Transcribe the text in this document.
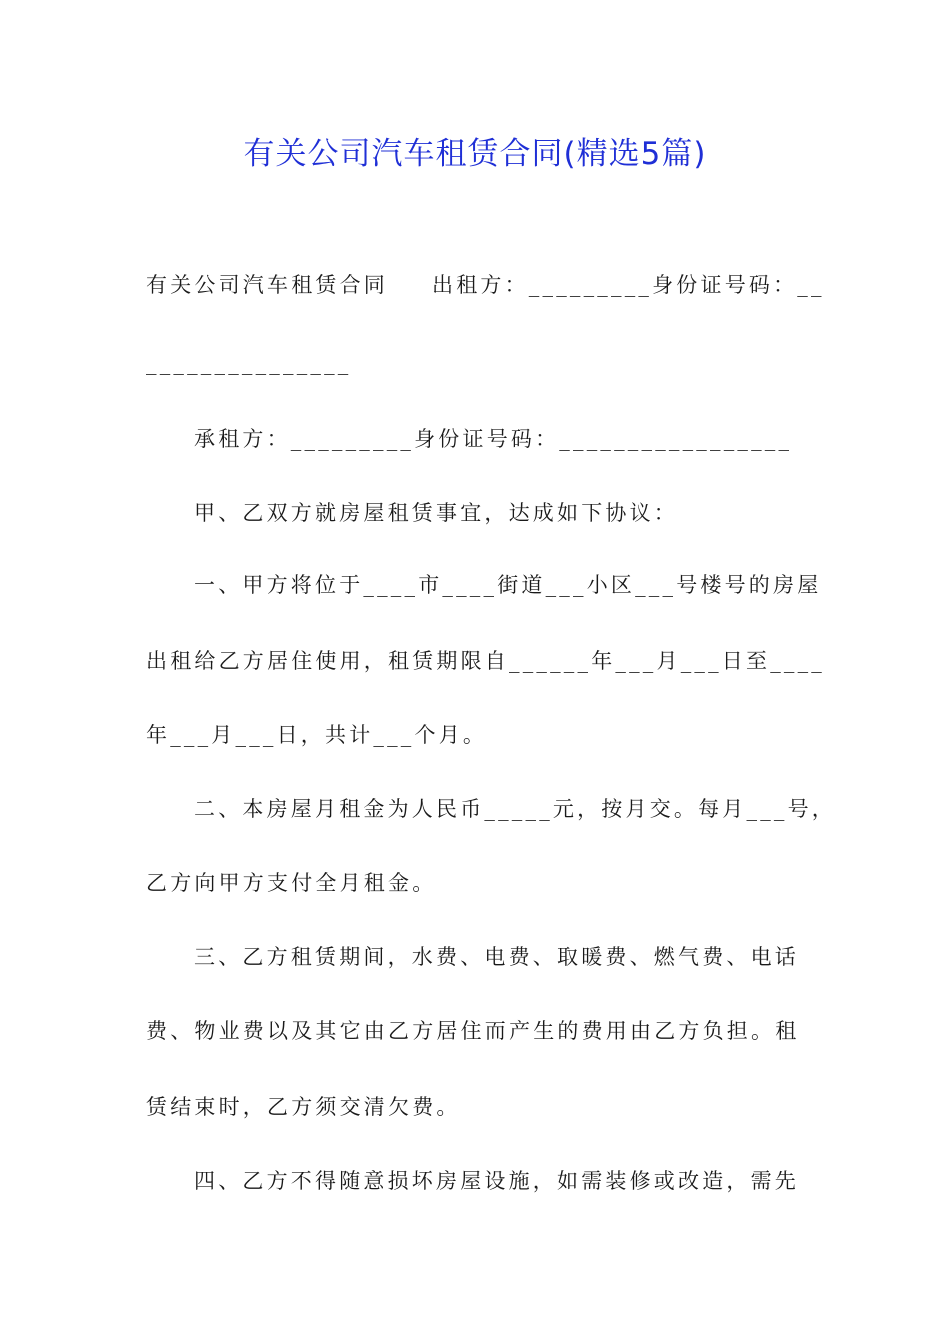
有关公司汽车租赁合同(精选5篇)
有关公司汽车租赁合同 出租方：_________身份证号码：__
_______________
承租方：_________身份证号码：_________________
甲、乙双方就房屋租赁事宜，达成如下协议：
一、甲方将位于____市____街道___小区___号楼号的房屋
出租给乙方居住使用，租赁期限自______年___月___日至____
年___月___日，共计___个月。
二、本房屋月租金为人民币_____元，按月交。每月___号，
乙方向甲方支付全月租金。
三、乙方租赁期间，水费、电费、取暖费、燃气费、电话
费、物业费以及其它由乙方居住而产生的费用由乙方负担。租
赁结束时，乙方须交清欠费。
四、乙方不得随意损坏房屋设施，如需装修或改造，需先
